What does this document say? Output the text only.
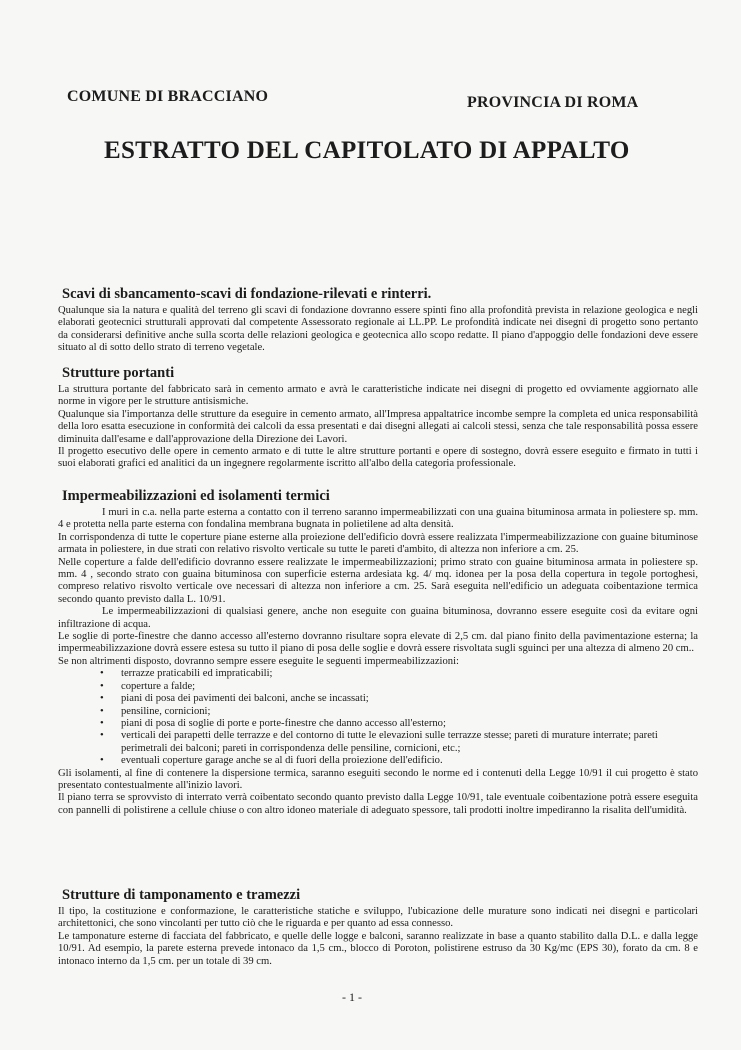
COMUNE DI BRACCIANO	PROVINCIA DI ROMA
ESTRATTO DEL CAPITOLATO DI APPALTO
Scavi di sbancamento-scavi di fondazione-rilevati e rinterri.

Qualunque sia la natura e qualità del terreno gli scavi di fondazione dovranno essere spinti fino alla profondità prevista in relazione geologica e negli elaborati geotecnici strutturali approvati dal competente Assessorato regionale ai LL.PP. Le profondità indicate nei disegni di progetto sono pertanto da considerarsi definitive anche sulla scorta delle relazioni geologica e geotecnica allo scopo redatte. Il piano d'appoggio delle fondazioni deve essere situato al di sotto dello strato di terreno vegetale.

Strutture portanti

La struttura portante del fabbricato sarà in cemento armato e avrà le caratteristiche indicate nei disegni di progetto ed ovviamente aggiornato alle norme in vigore per le strutture antisismiche.

Qualunque sia l'importanza delle strutture da eseguire in cemento armato, all'Impresa appaltatrice incombe sempre la completa ed unica responsabilità della loro esatta esecuzione in conformità dei calcoli da essa presentati e dai disegni allegati ai calcoli stessi, senza che tale responsabilità possa essere diminuita dall'esame e dall'approvazione della Direzione dei Lavori.

Il progetto esecutivo delle opere in cemento armato e di tutte le altre strutture portanti e opere di sostegno, dovrà essere eseguito e firmato in tutti i suoi elaborati grafici ed analitici da un ingegnere regolarmente iscritto all'albo della categoria professionale.

Impermeabilizzazioni ed isolamenti termici

I muri in c.a. nella parte esterna a contatto con il terreno saranno impermeabilizzati con una guaina bituminosa armata in poliestere sp. mm. 4 e protetta nella parte esterna con fondalina membrana bugnata in polietilene ad alta densità.

In corrispondenza di tutte le coperture piane esterne alla proiezione dell'edificio dovrà essere realizzata l'impermeabilizzazione con guaine bituminose armata in poliestere, in due strati con relativo risvolto verticale su tutte le pareti d'ambito, di altezza non inferiore a cm. 25.

Nelle coperture a falde dell'edificio dovranno essere realizzate le impermeabilizzazioni; primo strato con guaine bituminosa armata in poliestere sp. mm. 4 , secondo strato con guaina bituminosa con superficie esterna ardesiata kg. 4/ mq. idonea per la posa della copertura in tegole portoghesi, compreso relativo risvolto verticale ove necessari di altezza non inferiore a cm. 25. Sarà eseguita nell'edificio un adeguata coibentazione termica secondo quanto previsto dalla L. 10/91.

Le impermeabilizzazioni di qualsiasi genere, anche non eseguite con guaina bituminosa, dovranno essere eseguite così da evitare ogni infiltrazione di acqua.

Le soglie di porte-finestre che danno accesso all'esterno dovranno risultare sopra elevate di 2,5 cm. dal piano finito della pavimentazione esterna; la impermeabilizzazione dovrà essere estesa su tutto il piano di posa delle soglie e dovrà essere risvoltata sugli sguinci per una altezza di almeno 20 cm..

Se non altrimenti disposto, dovranno sempre essere eseguite le seguenti impermeabilizzazioni:

• terrazze praticabili ed impraticabili;
• coperture a falde;
• piani di posa dei pavimenti dei balconi, anche se incassati;
• pensiline, cornicioni;
• piani di posa di soglie di porte e porte-finestre che danno accesso all'esterno;
• verticali dei parapetti delle terrazze e del contorno di tutte le elevazioni sulle terrazze stesse; pareti di murature interrate; pareti perimetrali dei balconi; pareti in corrispondenza delle pensiline, cornicioni, etc.;
• eventuali coperture garage anche se al di fuori della proiezione dell'edificio.

Gli isolamenti, al fine di contenere la dispersione termica, saranno eseguiti secondo le norme ed i contenuti della Legge 10/91 il cui progetto è stato presentato contestualmente all'inizio lavori.

Il piano terra se sprovvisto di interrato verrà coibentato secondo quanto previsto dalla Legge 10/91, tale eventuale coibentazione potrà essere eseguita con pannelli di polistirene a cellule chiuse o con altro idoneo materiale di adeguato spessore, tali prodotti inoltre impediranno la risalita dell'umidità.

Strutture di tamponamento e tramezzi

Il tipo, la costituzione e conformazione, le caratteristiche statiche e sviluppo, l'ubicazione delle murature sono indicati nei disegni e particolari architettonici, che sono vincolanti per tutto ciò che le riguarda e per quanto ad essa connesso.

Le tamponature esterne di facciata del fabbricato, e quelle delle logge e balconi, saranno realizzate in base a quanto stabilito dalla D.L. e dalla legge 10/91. Ad esempio, la parete esterna prevede intonaco da 1,5 cm., blocco di Poroton, polistirene estruso da 30 Kg/mc (EPS 30), forato da cm. 8 e intonaco interno da 1,5 cm. per un totale di 39 cm.

- 1 -
